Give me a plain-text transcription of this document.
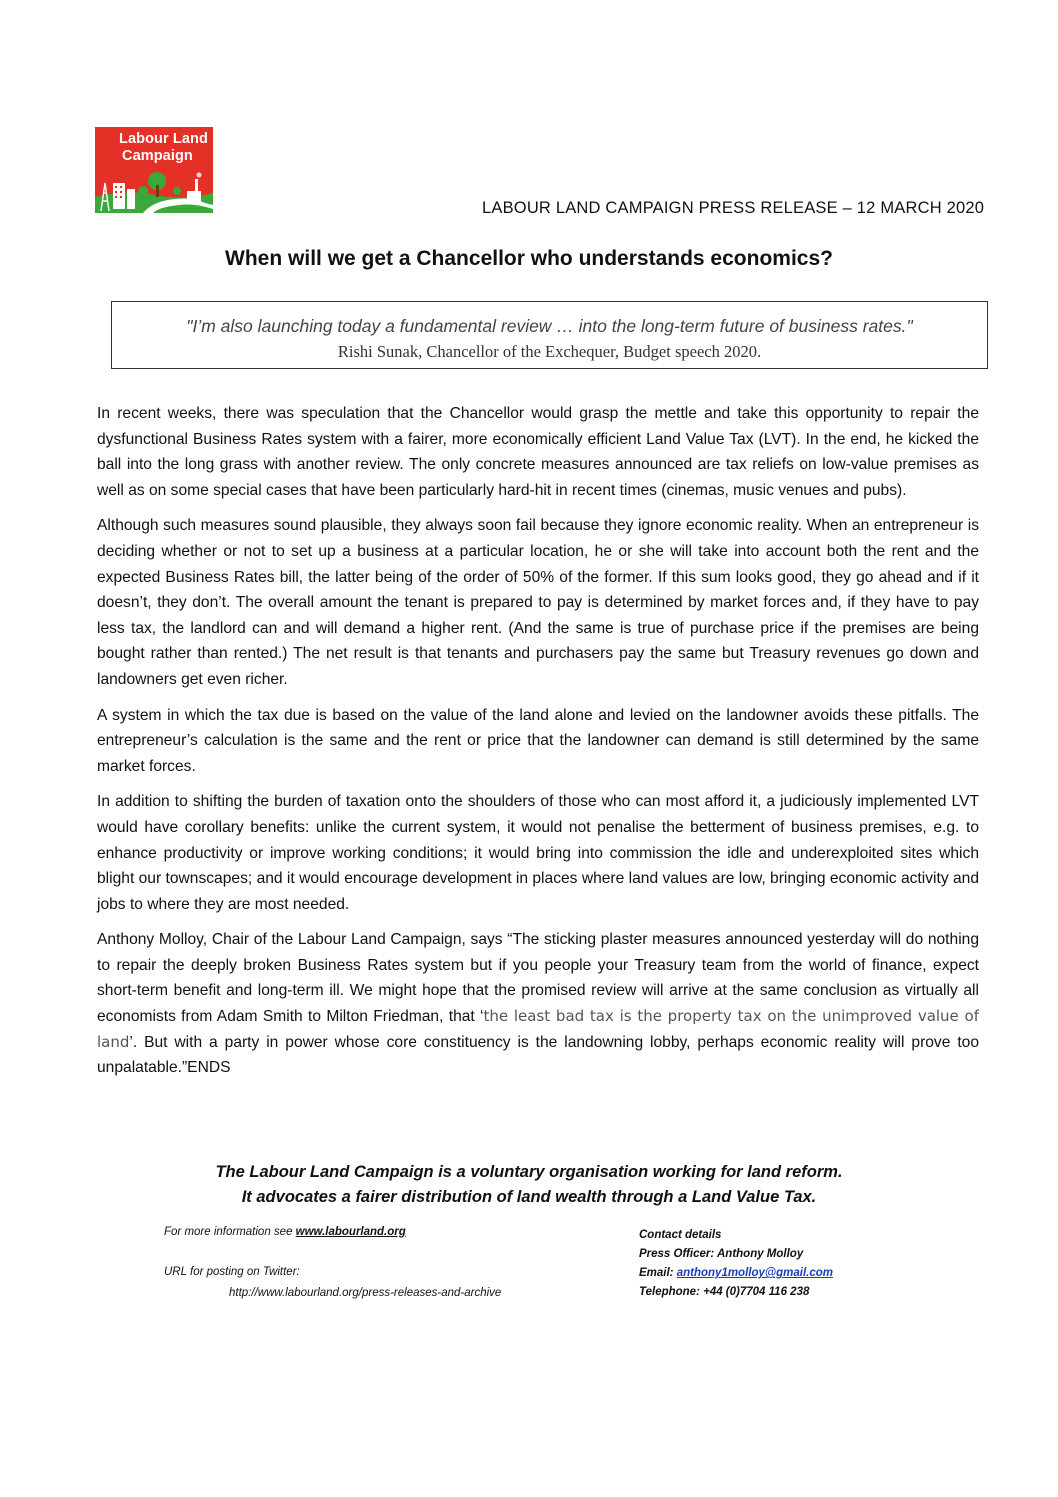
Labour Land
Campaign
LABOUR LAND CAMPAIGN PRESS RELEASE – 12 MARCH 2020
When will we get a Chancellor who understands economics?
"I’m also launching today a fundamental review … into the long-term future of business rates."
Rishi Sunak, Chancellor of the Exchequer, Budget speech 2020.

In recent weeks, there was speculation that the Chancellor would grasp the mettle and take this opportunity to repair the dysfunctional Business Rates system with a fairer, more economically efficient Land Value Tax (LVT). In the end, he kicked the ball into the long grass with another review. The only concrete measures announced are tax reliefs on low-value premises as well as on some special cases that have been particularly hard-hit in recent times (cinemas, music venues and pubs).

Although such measures sound plausible, they always soon fail because they ignore economic reality. When an entrepreneur is deciding whether or not to set up a business at a particular location, he or she will take into account both the rent and the expected Business Rates bill, the latter being of the order of 50% of the former. If this sum looks good, they go ahead and if it doesn’t, they don’t. The overall amount the tenant is prepared to pay is determined by market forces and, if they have to pay less tax, the landlord can and will demand a higher rent. (And the same is true of purchase price if the premises are being bought rather than rented.) The net result is that tenants and purchasers pay the same but Treasury revenues go down and landowners get even richer.

A system in which the tax due is based on the value of the land alone and levied on the landowner avoids these pitfalls. The entrepreneur’s calculation is the same and the rent or price that the landowner can demand is still determined by the same market forces.

In addition to shifting the burden of taxation onto the shoulders of those who can most afford it, a judiciously implemented LVT would have corollary benefits: unlike the current system, it would not penalise the betterment of business premises, e.g. to enhance productivity or improve working conditions; it would bring into commission the idle and underexploited sites which blight our townscapes; and it would encourage development in places where land values are low, bringing economic activity and jobs to where they are most needed.

Anthony Molloy, Chair of the Labour Land Campaign, says “The sticking plaster measures announced yesterday will do nothing to repair the deeply broken Business Rates system but if you people your Treasury team from the world of finance, expect short-term benefit and long-term ill. We might hope that the promised review will arrive at the same conclusion as virtually all economists from Adam Smith to Milton Friedman, that ‘the least bad tax is the property tax on the unimproved value of land’. But with a party in power whose core constituency is the landowning lobby, perhaps economic reality will prove too unpalatable.”ENDS

The Labour Land Campaign is a voluntary organisation working for land reform.
It advocates a fairer distribution of land wealth through a Land Value Tax.
For more information see www.labourland.org
URL for posting on Twitter:
http://www.labourland.org/press-releases-and-archive
Contact details
Press Officer: Anthony Molloy
Email: anthony1molloy@gmail.com
Telephone: +44 (0)7704 116 238
